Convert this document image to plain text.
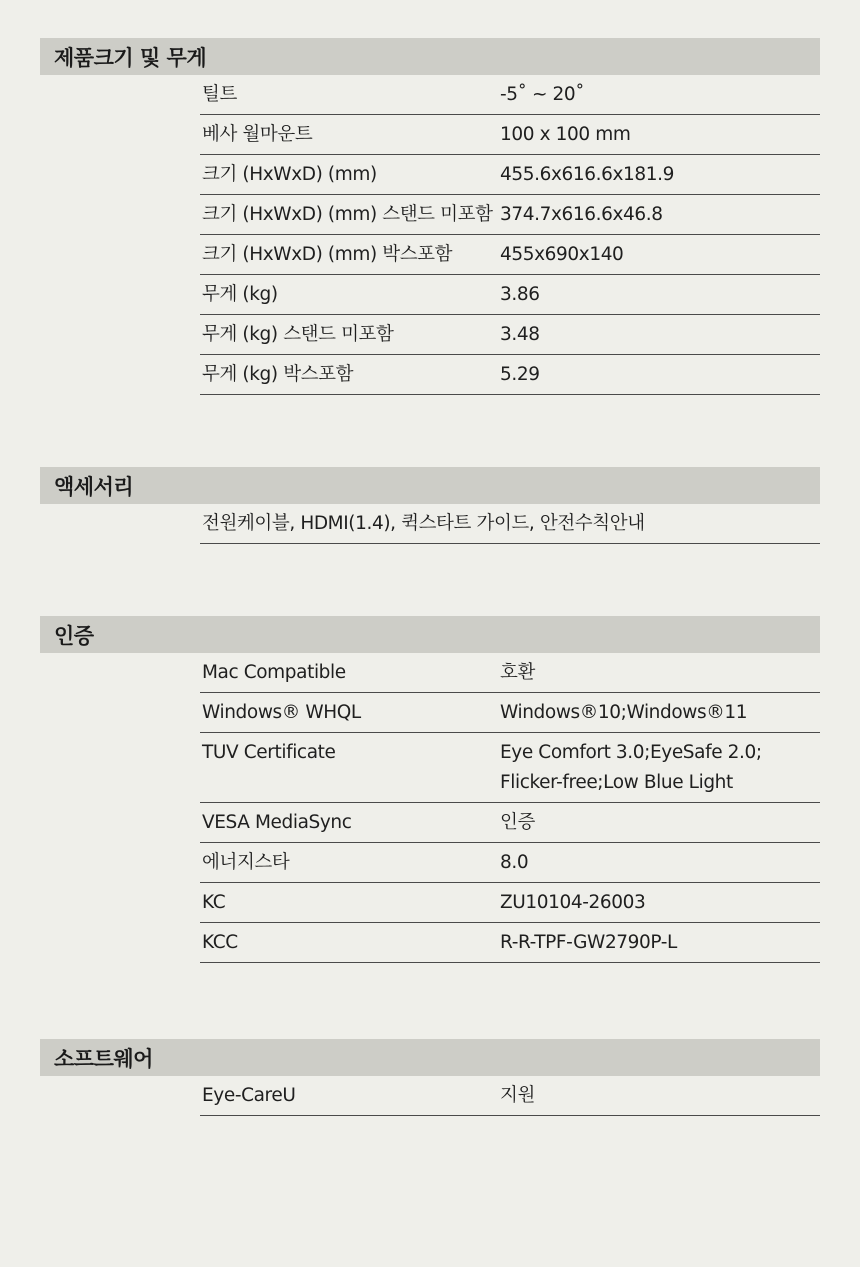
제품크기 및 무게
틸트	-5˚ ~ 20˚
베사 월마운트	100 x 100 mm
크기 (HxWxD) (mm)	455.6x616.6x181.9
크기 (HxWxD) (mm) 스탠드 미포함 374.7x616.6x46.8
크기 (HxWxD) (mm) 박스포함	455x690x140
무게 (kg)	3.86
무게 (kg) 스탠드 미포함	3.48
무게 (kg) 박스포함	5.29
액세서리
전원케이블, HDMI(1.4), 퀵스타트 가이드, 안전수칙안내
인증
Mac Compatible	호환
Windows® WHQL	Windows®10;Windows®11
TUV Certificate	Eye Comfort 3.0;EyeSafe 2.0;
Flicker-free;Low Blue Light
VESA MediaSync	인증
에너지스타	8.0
KC	ZU10104-26003
KCC	R-R-TPF-GW2790P-L
소프트웨어
Eye-CareU	지원
